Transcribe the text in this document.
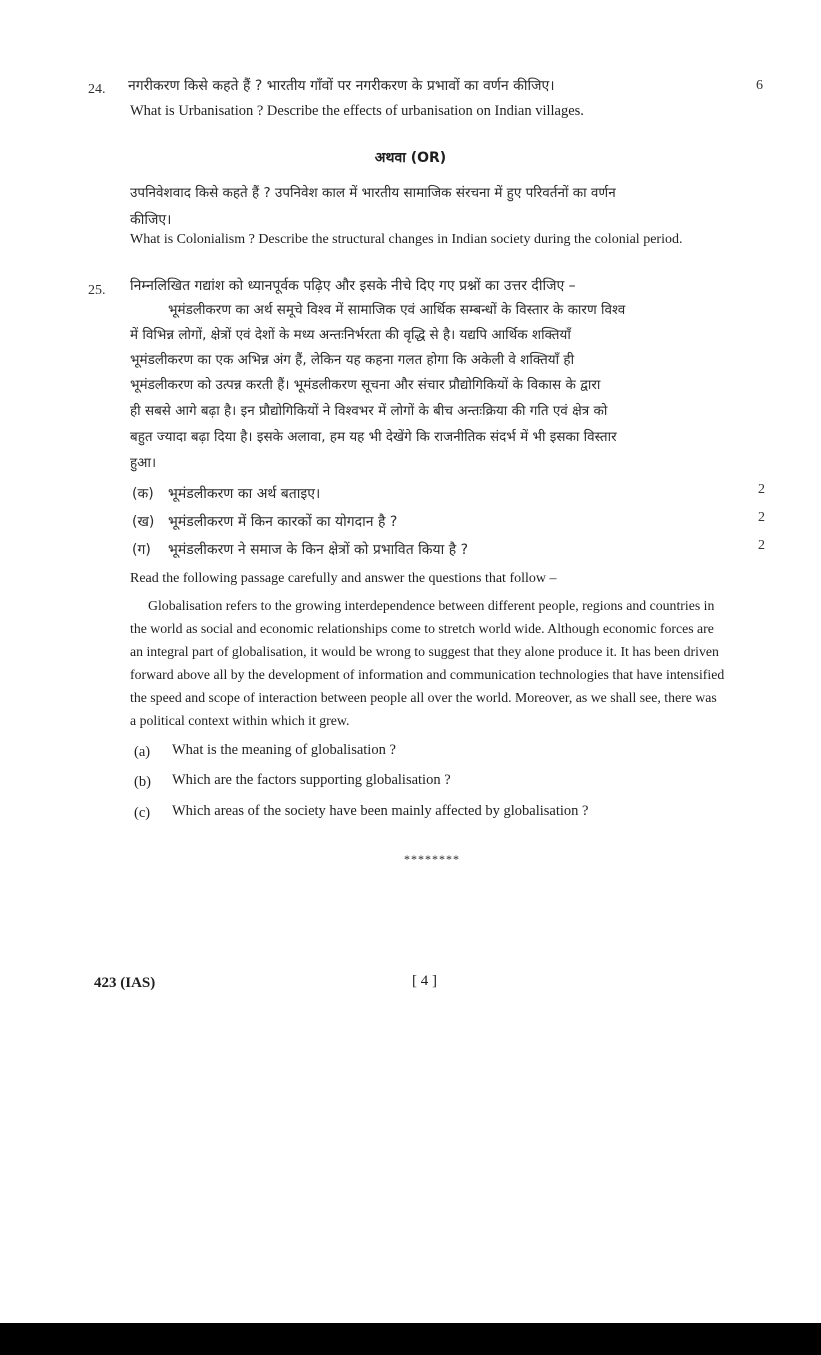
24. नगरीकरण किसे कहते हैं ? भारतीय गाँवों पर नगरीकरण के प्रभावों का वर्णन कीजिए।	6
What is Urbanisation ? Describe the effects of urbanisation on Indian villages.
अथवा (OR)
उपनिवेशवाद किसे कहते हैं ? उपनिवेश काल में भारतीय सामाजिक संरचना में हुए परिवर्तनों का वर्णन
कीजिए।
What is Colonialism ? Describe the structural changes in Indian society during the colonial period.
25. निम्नलिखित गद्यांश को ध्यानपूर्वक पढ़िए और इसके नीचे दिए गए प्रश्नों का उत्तर दीजिए –
भूमंडलीकरण का अर्थ समूचे विश्व में सामाजिक एवं आर्थिक सम्बन्धों के विस्तार के कारण विश्व
में विभिन्न लोगों, क्षेत्रों एवं देशों के मध्य अन्तःनिर्भरता की वृद्धि से है। यद्यपि आर्थिक शक्तियाँ
भूमंडलीकरण का एक अभिन्न अंग हैं, लेकिन यह कहना गलत होगा कि अकेली वे शक्तियाँ ही
भूमंडलीकरण को उत्पन्न करती हैं। भूमंडलीकरण सूचना और संचार प्रौद्योगिकियों के विकास के द्वारा
ही सबसे आगे बढ़ा है। इन प्रौद्योगिकियों ने विश्वभर में लोगों के बीच अन्तःक्रिया की गति एवं क्षेत्र को
बहुत ज्यादा बढ़ा दिया है। इसके अलावा, हम यह भी देखेंगे कि राजनीतिक संदर्भ में भी इसका विस्तार
हुआ।
(क) भूमंडलीकरण का अर्थ बताइए।	2
(ख) भूमंडलीकरण में किन कारकों का योगदान है ?	2
(ग) भूमंडलीकरण ने समाज के किन क्षेत्रों को प्रभावित किया है ?	2
Read the following passage carefully and answer the questions that follow –
Globalisation refers to the growing interdependence between different people, regions and countries in
the world as social and economic relationships come to stretch world wide. Although economic forces are
an integral part of globalisation, it would be wrong to suggest that they alone produce it. It has been driven
forward above all by the development of information and communication technologies that have intensified
the speed and scope of interaction between people all over the world. Moreover, as we shall see, there was
a political context within which it grew.
(a) What is the meaning of globalisation ?
(b) Which are the factors supporting globalisation ?
(c) Which areas of the society have been mainly affected by globalisation ?
********
423 (IAS)	[ 4 ]
